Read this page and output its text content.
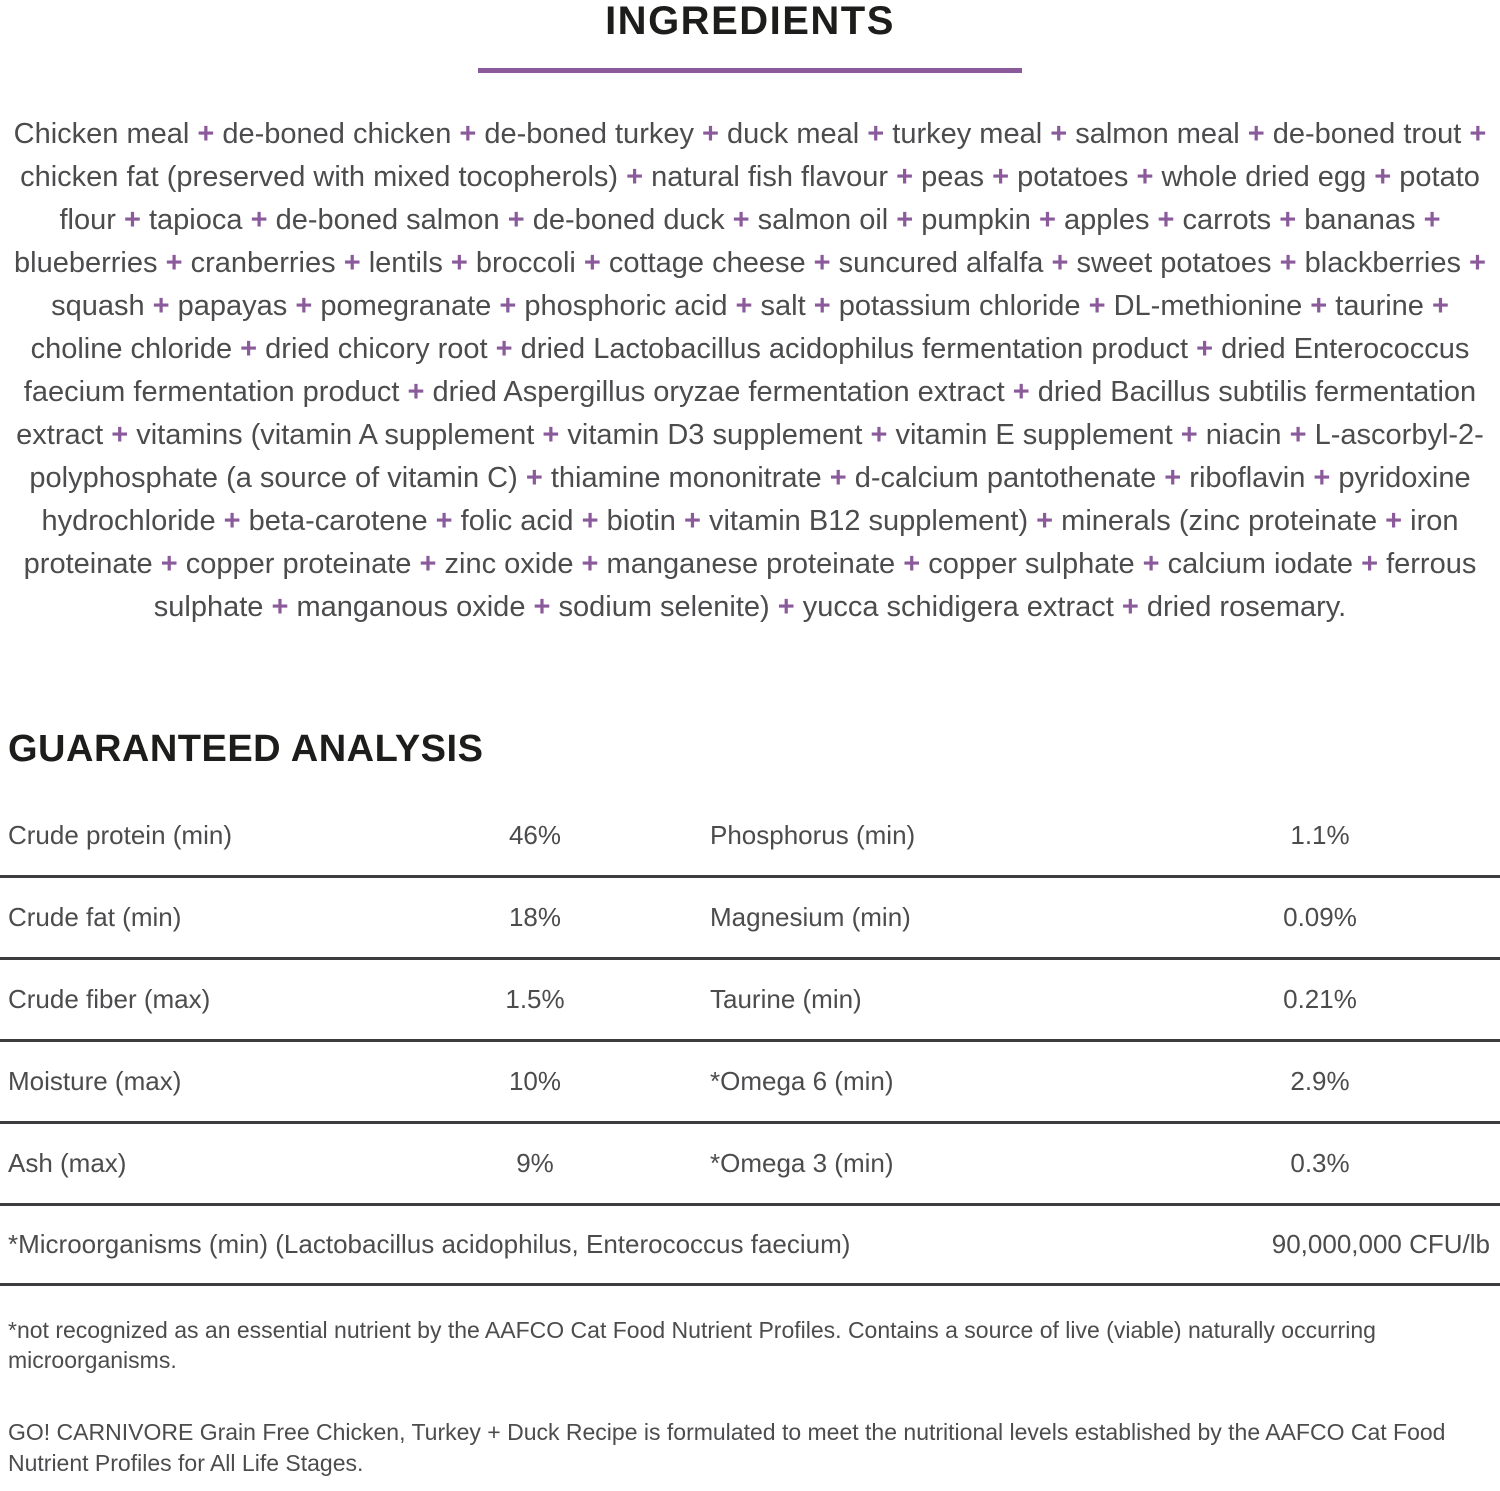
INGREDIENTS

Chicken meal + de-boned chicken + de-boned turkey + duck meal + turkey meal + salmon meal + de-boned trout + chicken fat (preserved with mixed tocopherols) + natural fish flavour + peas + potatoes + whole dried egg + potato flour + tapioca + de-boned salmon + de-boned duck + salmon oil + pumpkin + apples + carrots + bananas + blueberries + cranberries + lentils + broccoli + cottage cheese + suncured alfalfa + sweet potatoes + blackberries + squash + papayas + pomegranate + phosphoric acid + salt + potassium chloride + DL-methionine + taurine + choline chloride + dried chicory root + dried Lactobacillus acidophilus fermentation product + dried Enterococcus faecium fermentation product + dried Aspergillus oryzae fermentation extract + dried Bacillus subtilis fermentation extract + vitamins (vitamin A supplement + vitamin D3 supplement + vitamin E supplement + niacin + L-ascorbyl-2-polyphosphate (a source of vitamin C) + thiamine mononitrate + d-calcium pantothenate + riboflavin + pyridoxine hydrochloride + beta-carotene + folic acid + biotin + vitamin B12 supplement) + minerals (zinc proteinate + iron proteinate + copper proteinate + zinc oxide + manganese proteinate + copper sulphate + calcium iodate + ferrous sulphate + manganous oxide + sodium selenite) + yucca schidigera extract + dried rosemary.

GUARANTEED ANALYSIS
Crude protein (min)	46%	Phosphorus (min)	1.1%
Crude fat (min)	18%	Magnesium (min)	0.09%
Crude fiber (max)	1.5%	Taurine (min)	0.21%
Moisture (max)	10%	*Omega 6 (min)	2.9%
Ash (max)	9%	*Omega 3 (min)	0.3%
*Microorganisms (min) (Lactobacillus acidophilus, Enterococcus faecium)	90,000,000 CFU/lb

*not recognized as an essential nutrient by the AAFCO Cat Food Nutrient Profiles. Contains a source of live (viable) naturally occurring microorganisms.

GO! CARNIVORE Grain Free Chicken, Turkey + Duck Recipe is formulated to meet the nutritional levels established by the AAFCO Cat Food Nutrient Profiles for All Life Stages.
